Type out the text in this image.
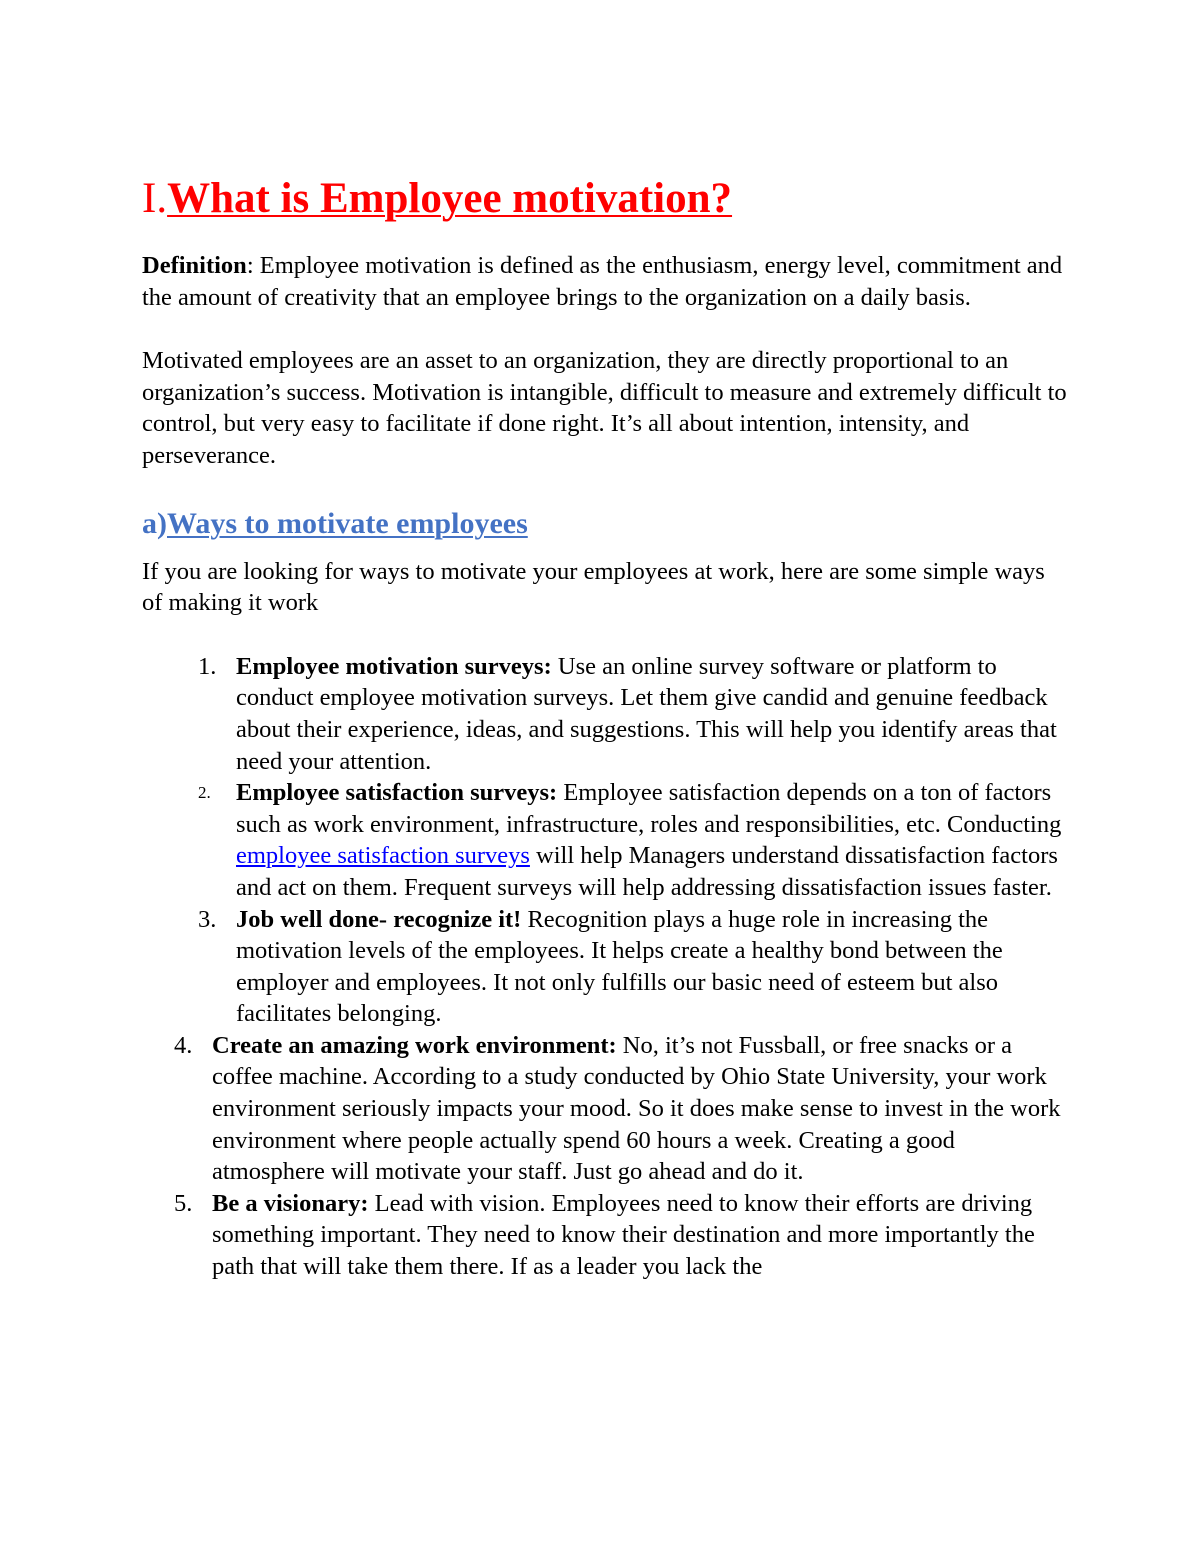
I.What is Employee motivation?

Definition: Employee motivation is defined as the enthusiasm, energy level, commitment and the amount of creativity that an employee brings to the organization on a daily basis.

Motivated employees are an asset to an organization, they are directly proportional to an organization’s success. Motivation is intangible, difficult to measure and extremely difficult to control, but very easy to facilitate if done right. It’s all about intention, intensity, and perseverance.

a)Ways to motivate employees

If you are looking for ways to motivate your employees at work, here are some simple ways of making it work

1. Employee motivation surveys: Use an online survey software or platform to conduct employee motivation surveys. Let them give candid and genuine feedback about their experience, ideas, and suggestions. This will help you identify areas that need your attention.
2. Employee satisfaction surveys: Employee satisfaction depends on a ton of factors such as work environment, infrastructure, roles and responsibilities, etc. Conducting employee satisfaction surveys will help Managers understand dissatisfaction factors and act on them. Frequent surveys will help addressing dissatisfaction issues faster.
3. Job well done- recognize it! Recognition plays a huge role in increasing the motivation levels of the employees. It helps create a healthy bond between the employer and employees. It not only fulfills our basic need of esteem but also facilitates belonging.
4. Create an amazing work environment: No, it’s not Fussball, or free snacks or a coffee machine. According to a study conducted by Ohio State University, your work environment seriously impacts your mood. So it does make sense to invest in the work environment where people actually spend 60 hours a week. Creating a good atmosphere will motivate your staff. Just go ahead and do it.
5. Be a visionary: Lead with vision. Employees need to know their efforts are driving something important. They need to know their destination and more importantly the path that will take them there. If as a leader you lack the
